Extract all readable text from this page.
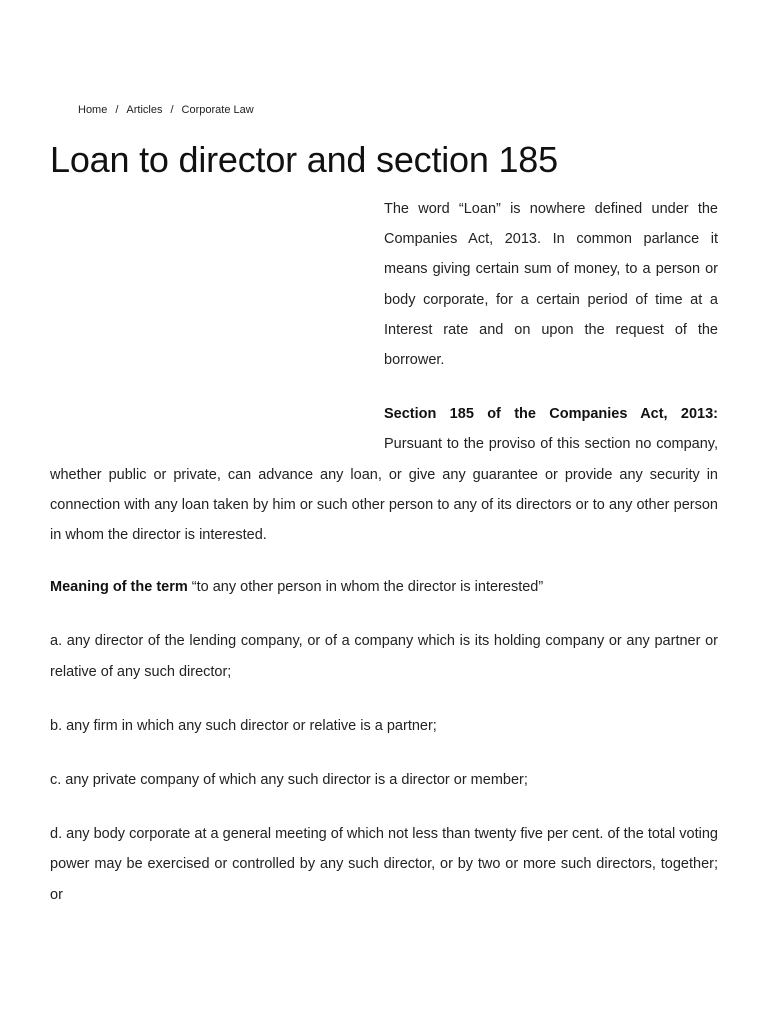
Home / Articles / Corporate Law
Loan to director and section 185

The word “Loan” is nowhere defined under the Companies Act, 2013. In common parlance it means giving certain sum of money, to a person or body corporate, for a certain period of time at a Interest rate and on upon the request of the borrower.

Section 185 of the Companies Act, 2013: Pursuant to the proviso of this section no company, whether public or private, can advance any loan, or give any guarantee or provide any security in connection with any loan taken by him or such other person to any of its directors or to any other person in whom the director is interested.

Meaning of the term “to any other person in whom the director is interested”

a. any director of the lending company, or of a company which is its holding company or any partner or relative of any such director;

b. any firm in which any such director or relative is a partner;

c. any private company of which any such director is a director or member;

d. any body corporate at a general meeting of which not less than twenty five per cent. of the total voting power may be exercised or controlled by any such director, or by two or more such directors, together; or
